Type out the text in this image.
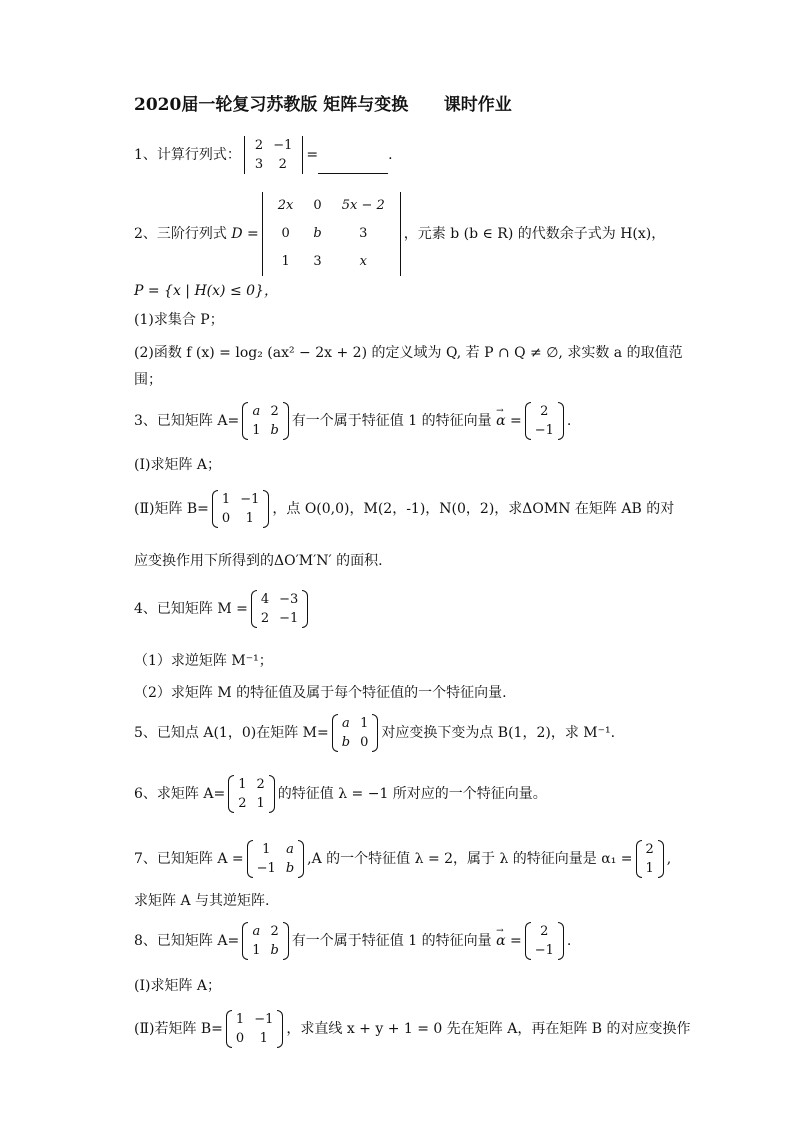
2020届一轮复习苏教版 矩阵与变换      课时作业
1、计算行列式：
2	−1
3	2
=	.
2、三阶行列式 D =
2x	0	5x − 2
0	b	3
1	3	x
，元素 b (b ∈ R) 的代数余子式为 H(x)，
P = {x | H(x) ≤ 0}，
(1)求集合 P；
(2)函数 f (x) = log₂ (ax² − 2x + 2) 的定义域为 Q, 若 P ∩ Q ≠ ∅, 求实数 a 的取值范
围；
3、已知矩阵 A=
a	2
1	b
有一个属于特征值 1 的特征向量 → α =
2
−1
.
(Ⅰ)求矩阵 A；
(Ⅱ)矩阵 B=
1	−1
0	1
，点 O(0,0)，M(2，-1)，N(0，2)，求ΔOMN 在矩阵 AB 的对
应变换作用下所得到的ΔO′M′N′ 的面积.
4、已知矩阵 M =
4	−3
2	−1
（1）求逆矩阵 M⁻¹；
（2）求矩阵 M 的特征值及属于每个特征值的一个特征向量.
5、已知点 A(1，0)在矩阵 M=
a	1
b	0
对应变换下变为点 B(1，2)，求 M⁻¹.
6、求矩阵 A=
1	2
2	1
的特征值 λ = −1 所对应的一个特征向量。
7、已知矩阵 A =
1	a
−1	b
,A 的一个特征值 λ = 2，属于 λ 的特征向量是 α₁ =
2
1
,
求矩阵 A 与其逆矩阵.
8、已知矩阵 A=
a	2
1	b
有一个属于特征值 1 的特征向量 → α =
2
−1
.
(Ⅰ)求矩阵 A；
(Ⅱ)若矩阵 B=
1	−1
0	1
，求直线 x + y + 1 = 0 先在矩阵 A，再在矩阵 B 的对应变换作
